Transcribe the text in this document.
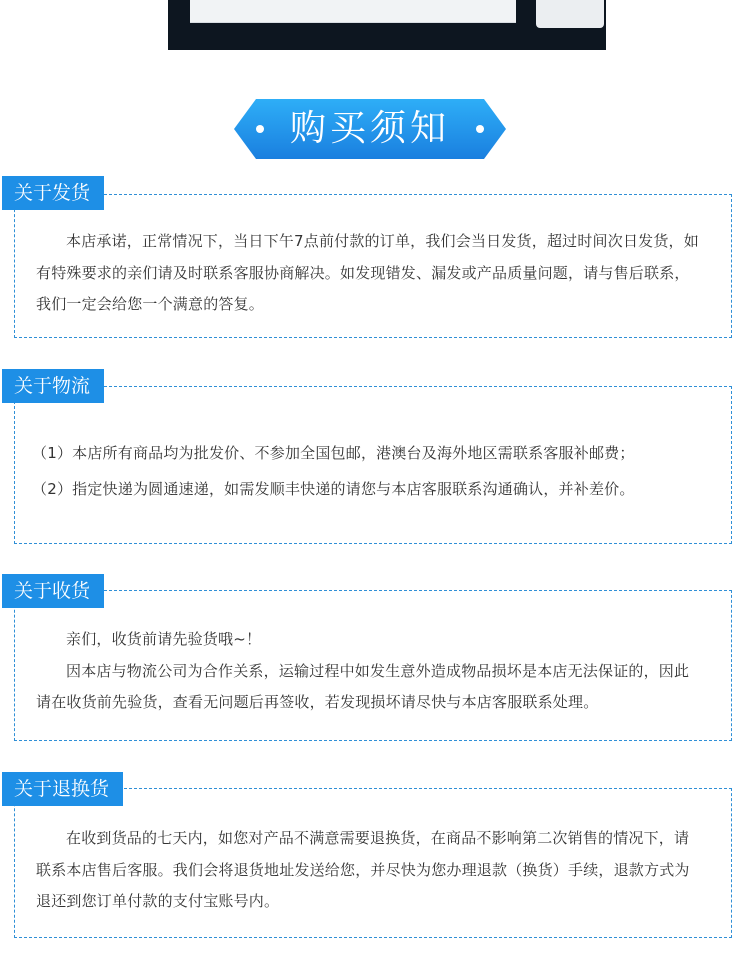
购买须知
关于发货

本店承诺，正常情况下，当日下午7点前付款的订单，我们会当日发货，超过时间次日发货，如有特殊要求的亲们请及时联系客服协商解决。如发现错发、漏发或产品质量问题，请与售后联系，我们一定会给您一个满意的答复。

关于物流

（1）本店所有商品均为批发价、不参加全国包邮，港澳台及海外地区需联系客服补邮费；

（2）指定快递为圆通速递，如需发顺丰快递的请您与本店客服联系沟通确认，并补差价。

关于收货

亲们，收货前请先验货哦~！

因本店与物流公司为合作关系，运输过程中如发生意外造成物品损坏是本店无法保证的，因此请在收货前先验货，查看无问题后再签收，若发现损坏请尽快与本店客服联系处理。

关于退换货

在收到货品的七天内，如您对产品不满意需要退换货，在商品不影响第二次销售的情况下，请联系本店售后客服。我们会将退货地址发送给您，并尽快为您办理退款（换货）手续，退款方式为退还到您订单付款的支付宝账号内。
